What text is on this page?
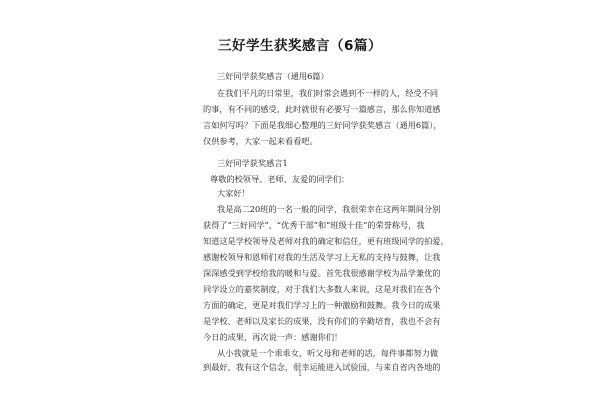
三好学生获奖感言（6篇）
三好同学获奖感言（通用6篇）
在我们平凡的日常里，我们时常会遇到不一样的人，经受不同
的事，有不同的感受，此时就很有必要写一篇感言，那么你知道感
言如何写吗？下面是我细心整理的三好同学获奖感言（通用6篇），
仅供参考，大家一起来看看吧。
三好同学获奖感言1
尊敬的校领导、老师、友爱的同学们：
大家好！
我是高二20班的一名一般的同学，我很荣幸在这两年期间分别
获得了“三好同学”、“优秀干部”和“班级十佳”的荣誉称号，我
知道这是学校领导及老师对我的确定和信任，更有班级同学的拍爱，
感谢校领导和恩师们对我的生活及学习上无私的支持与鼓舞，让我
深深感受到学校给我的暖和与爱。首先我很感谢学校为品学兼优的
同学设立的嘉奖制度，对于我们大多数人来说，这是对我们在各个
方面的确定，更是对我们学习上的一种激励和鼓舞。我今日的成果
是学校、老师以及家长的成果，没有你们的辛勤培育，我也不会有
今日的成果，再次说一声：感谢你们！
从小我就是一个乖乖女，听父母和老师的话，每件事都努力做
到最好，我有这个信念，很幸运能进入试验园，与来自省内各地的
1
